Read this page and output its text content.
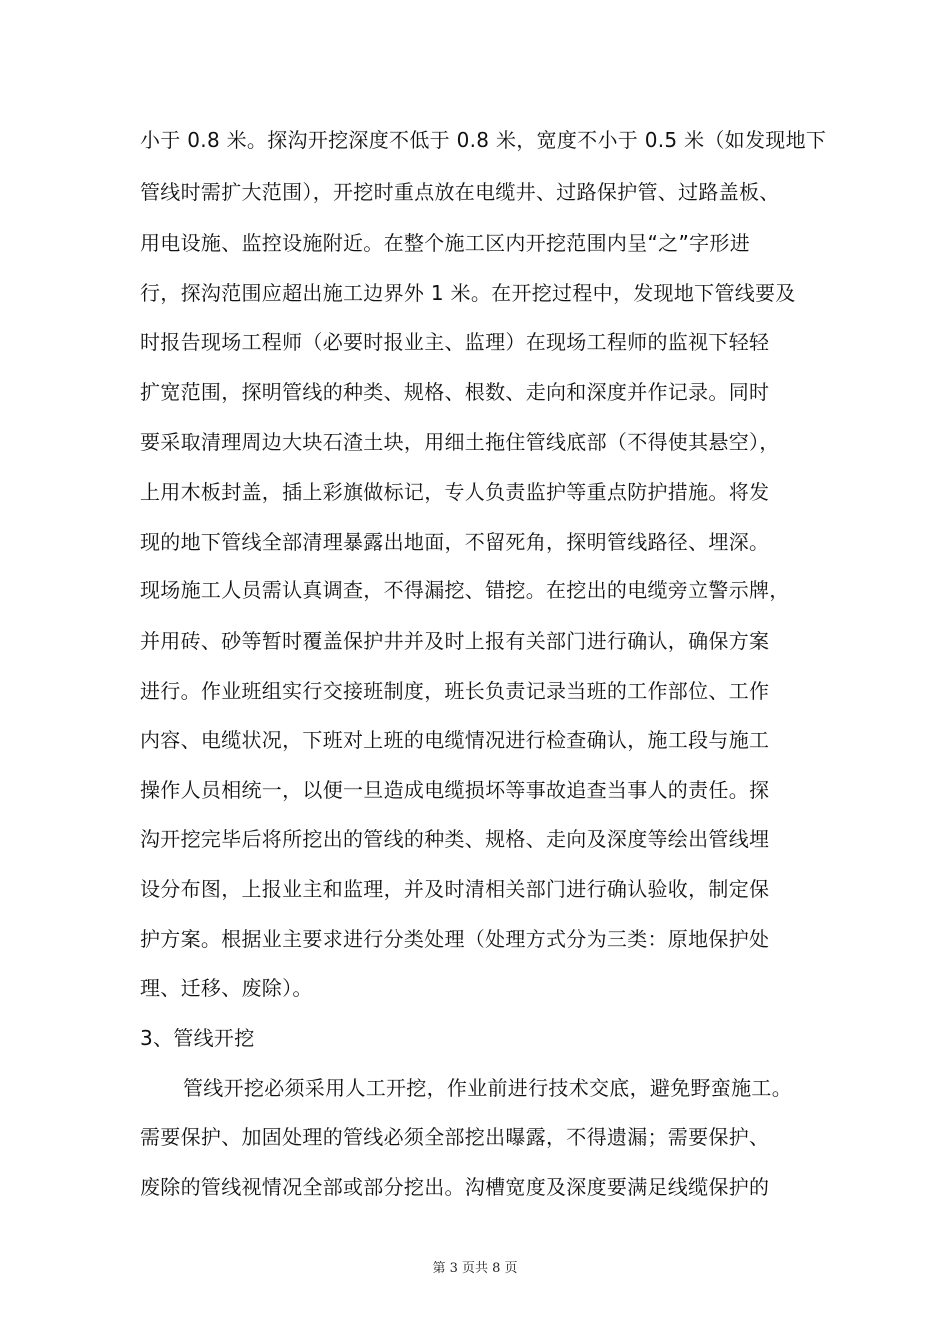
小于 0.8 米。探沟开挖深度不低于 0.8 米，宽度不小于 0.5 米（如发现地下
管线时需扩大范围），开挖时重点放在电缆井、过路保护管、过路盖板、
用电设施、监控设施附近。在整个施工区内开挖范围内呈“之”字形进
行，探沟范围应超出施工边界外 1 米。在开挖过程中，发现地下管线要及
时报告现场工程师（必要时报业主、监理）在现场工程师的监视下轻轻
扩宽范围，探明管线的种类、规格、根数、走向和深度并作记录。同时
要采取清理周边大块石渣土块，用细土拖住管线底部（不得使其悬空），
上用木板封盖，插上彩旗做标记，专人负责监护等重点防护措施。将发
现的地下管线全部清理暴露出地面，不留死角，探明管线路径、埋深。
现场施工人员需认真调查，不得漏挖、错挖。在挖出的电缆旁立警示牌，
并用砖、砂等暂时覆盖保护井并及时上报有关部门进行确认，确保方案
进行。作业班组实行交接班制度，班长负责记录当班的工作部位、工作
内容、电缆状况，下班对上班的电缆情况进行检查确认，施工段与施工
操作人员相统一，以便一旦造成电缆损坏等事故追查当事人的责任。探
沟开挖完毕后将所挖出的管线的种类、规格、走向及深度等绘出管线埋
设分布图，上报业主和监理，并及时清相关部门进行确认验收，制定保
护方案。根据业主要求进行分类处理（处理方式分为三类：原地保护处
理、迁移、废除）。
3、管线开挖
管线开挖必须采用人工开挖，作业前进行技术交底，避免野蛮施工。
需要保护、加固处理的管线必须全部挖出曝露，不得遗漏；需要保护、
废除的管线视情况全部或部分挖出。沟槽宽度及深度要满足线缆保护的
第 3 页共 8 页
